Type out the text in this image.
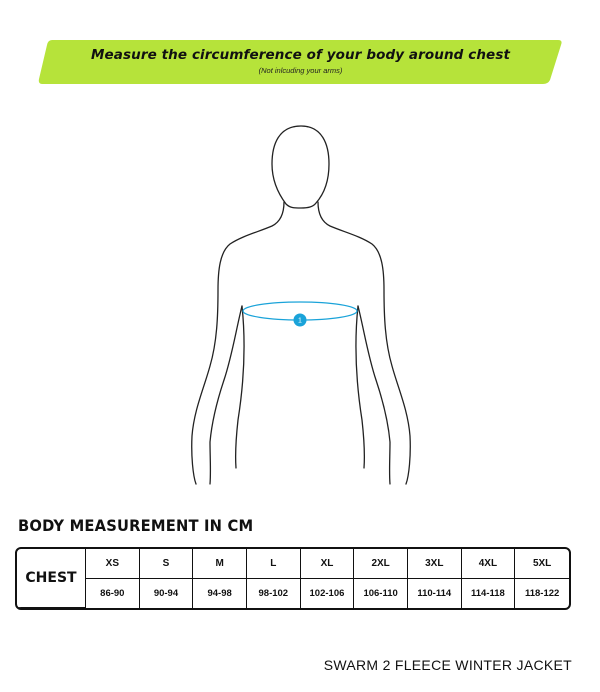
Measure the circumference of your body around chest
(Not inlcuding your arms)
1
BODY MEASUREMENT IN CM
CHEST	XS	S	M	L	XL	2XL	3XL	4XL	5XL
	86-90	90-94	94-98	98-102	102-106	106-110	110-114	114-118	118-122
SWARM 2 FLEECE WINTER JACKET
